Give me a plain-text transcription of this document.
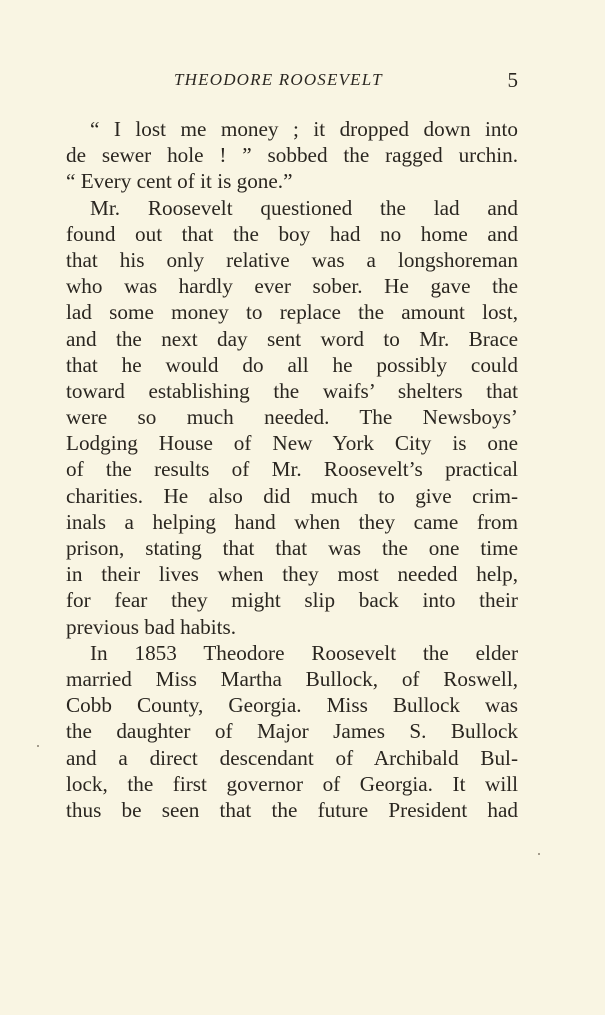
THEODORE ROOSEVELT	5
“ I lost me money ; it dropped down into
de sewer hole ! ” sobbed the ragged urchin.
“ Every cent of it is gone.”
Mr. Roosevelt questioned the lad and
found out that the boy had no home and
that his only relative was a longshoreman
who was hardly ever sober. He gave the
lad some money to replace the amount lost,
and the next day sent word to Mr. Brace
that he would do all he possibly could
toward establishing the waifs’ shelters that
were so much needed. The Newsboys’
Lodging House of New York City is one
of the results of Mr. Roosevelt’s practical
charities. He also did much to give crim-
inals a helping hand when they came from
prison, stating that that was the one time
in their lives when they most needed help,
for fear they might slip back into their
previous bad habits.
In 1853 Theodore Roosevelt the elder
married Miss Martha Bullock, of Roswell,
Cobb County, Georgia. Miss Bullock was
the daughter of Major James S. Bullock
and a direct descendant of Archibald Bul-
lock, the first governor of Georgia. It will
thus be seen that the future President had
